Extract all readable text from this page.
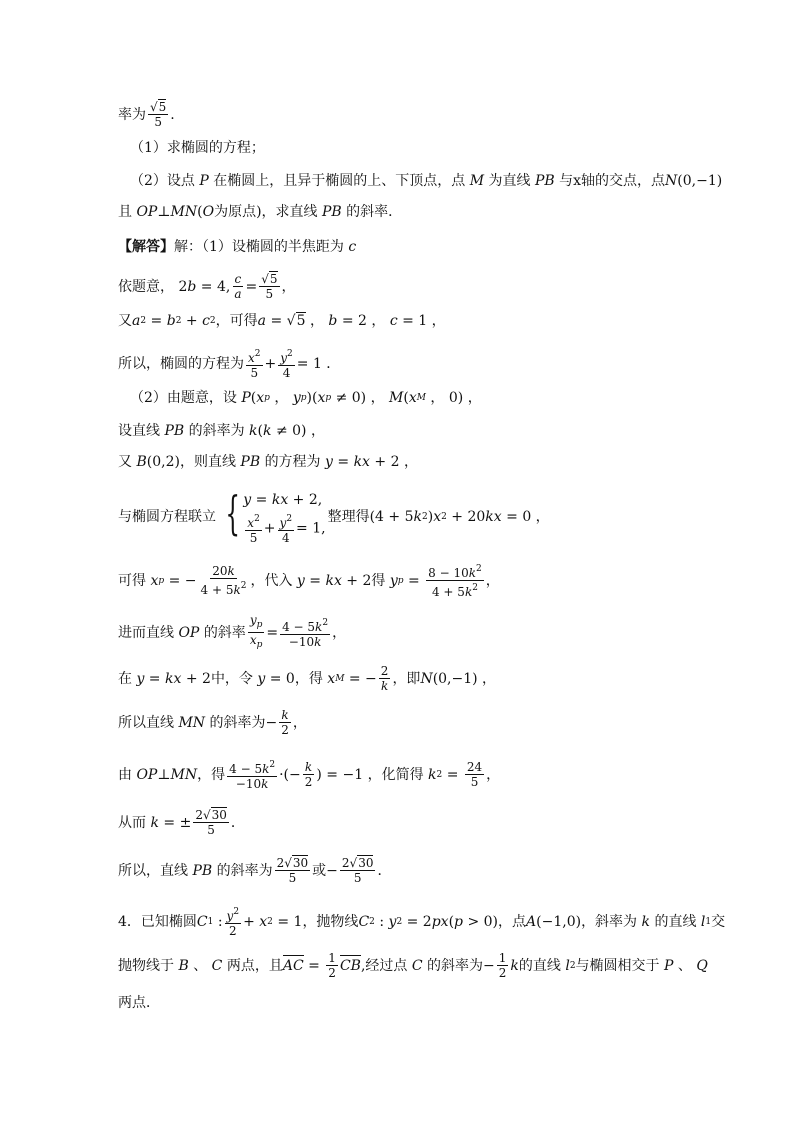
率为 $\frac{√5}{5}$ .
（1）求椭圆的方程；
（2）设点 P 在椭圆上，且异于椭圆的上、下顶点，点 M 为直线 PB 与x轴的交点，点 N (0,−1)
且 OP ⊥ MN ( O 为原点)，求直线 PB 的斜率．
【解答】 解：（1）设椭圆的半焦距为 c
依题意， 2 b = 4, $\frac{c}{a} = \frac{√5}{5}$ ，
又 a 2 = b 2 + c 2 ，可得 a = √5 ， b = 2 ， c = 1 ，
所以，椭圆的方程为 $\frac{x^2}{5} + \frac{y^2}{4} = 1$ ．
（2）由题意，设 P ( x p ， y p )( x p ≠ 0) ， M ( x M ， 0) ，
设直线 PB 的斜率为 k ( k ≠ 0) ，
又 B (0,2) ，则直线 PB 的方程为 y = kx + 2 ，
与椭圆方程联立 { y = kx + 2,
$\frac{x^2}{5} + \frac{y^2}{4} = 1$,
整理得 (4 + 5 k 2 ) x 2 + 20 kx = 0 ，
可得 x p = − $\frac{20k}{4 + 5k^2}$ ，代入 y = kx + 2 得 y $p = \frac{8 - 10k^2}{4 + 5k^2}$ ，
进而直线 OP 的斜率 $\frac{y_p}{x_p} = \frac{4 - 5k^2}{-10k}$ ，
在 y = kx + 2 中，令 y = 0 ，得 x M = − $\frac{2}{k}$ ，即 N (0,−1) ，
所以直线 MN 的斜率为 − $\frac{k}{2}$ ，
由 OP ⊥ MN ，得 $\frac{4 - 5k^2}{-10k}$ ·(− $\frac{k}{2}$ ) = −1 ，化简得 k $2 = \frac{24}{5}$ ，
从而 k = ± $\frac{2√30}{5}$ ．
所以，直线 PB 的斜率为 $\frac{2√30}{5}$ 或 − $\frac{2√30}{5}$ ．
4． 已知椭圆 C 1 : $\frac{y^2}{2} + x$ 2 = 1 ，抛物线 C 2 : y 2 = 2 px ( p > 0) ，点 A (−1,0) ，斜率为 k 的直线 l 1 交
抛物线于 B 、 C 两点，且 AC = $\frac{1}{2}$ CB , 经过点 C 的斜率为 − $\frac{1}{2}$ k 的直线 l 2 与椭圆相交于 P 、 Q
两点．
